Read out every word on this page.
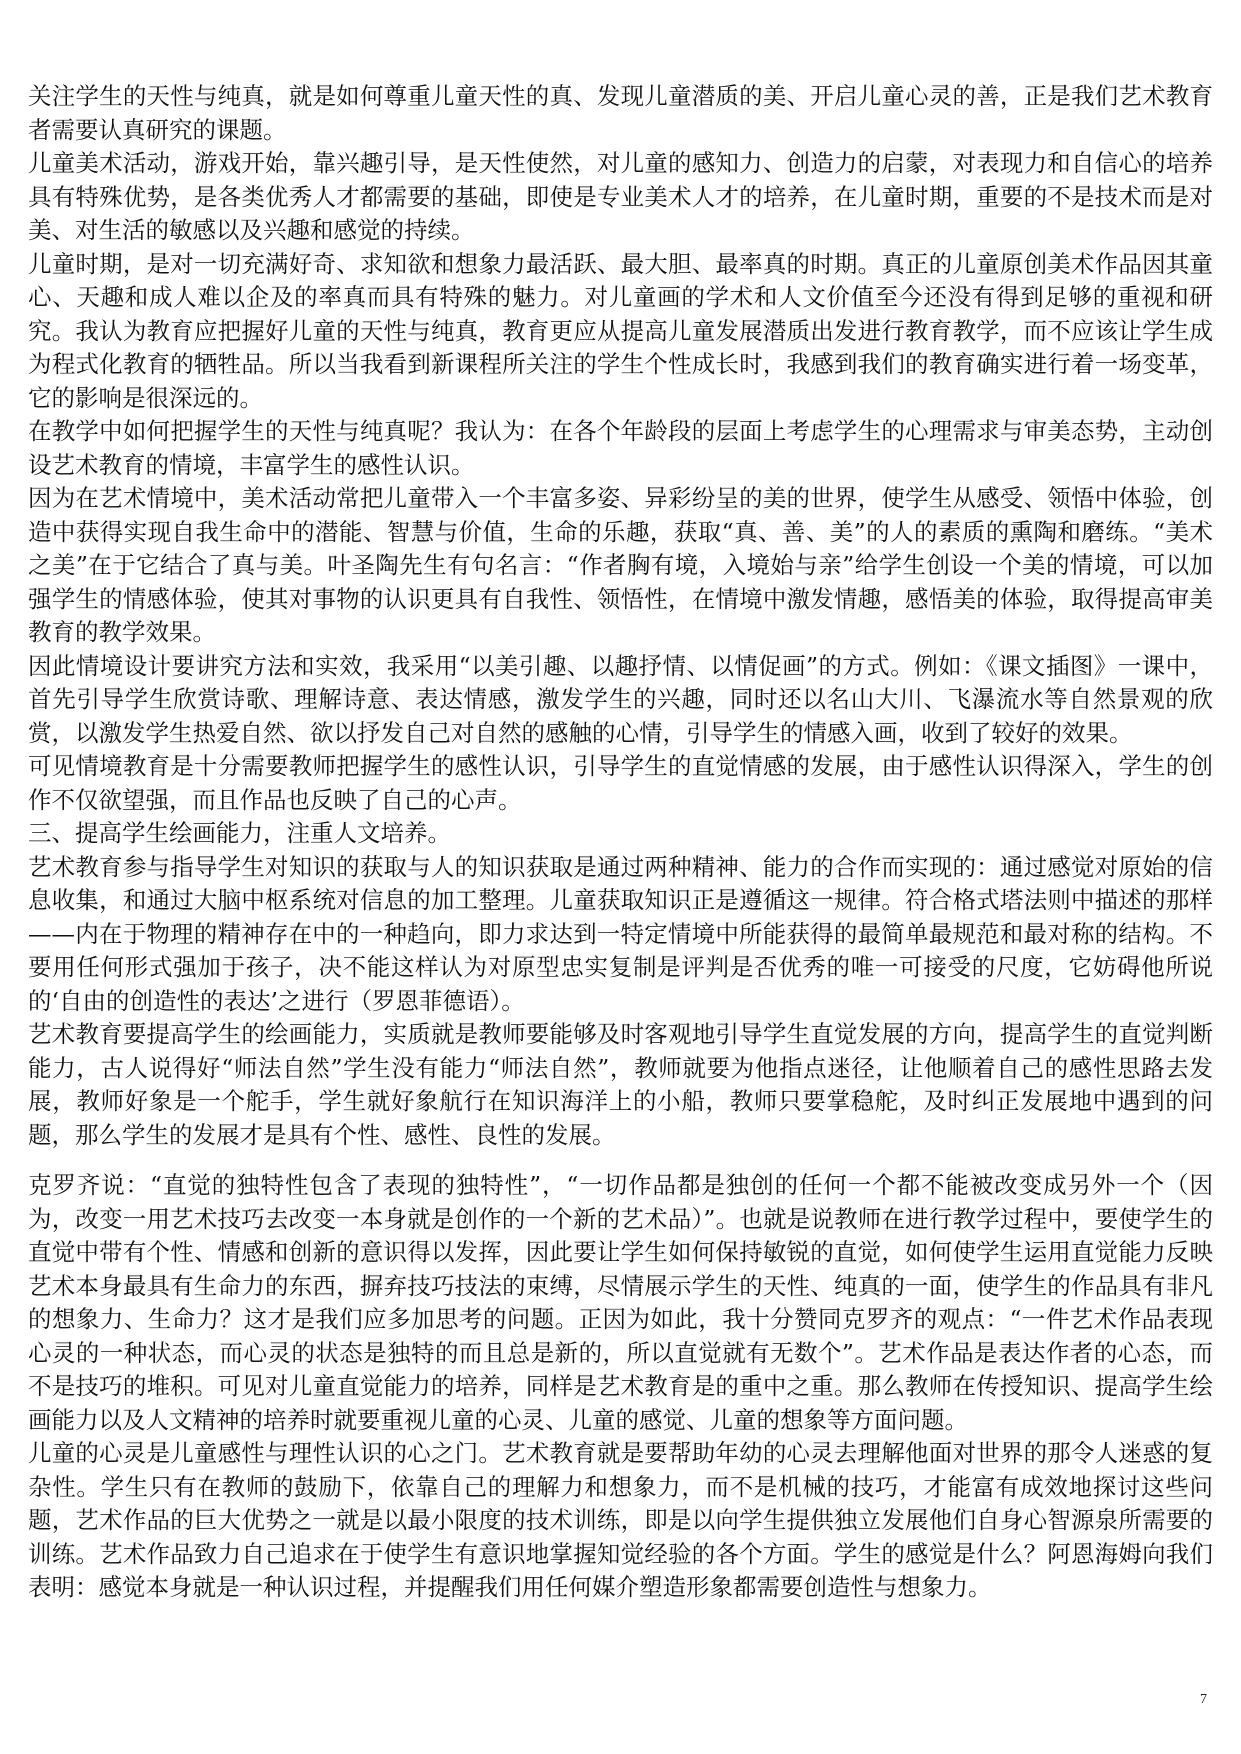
关注学生的天性与纯真，就是如何尊重儿童天性的真、发现儿童潜质的美、开启儿童心灵的善，正是我们艺术教育者需要认真研究的课题。

儿童美术活动，游戏开始，靠兴趣引导，是天性使然，对儿童的感知力、创造力的启蒙，对表现力和自信心的培养具有特殊优势，是各类优秀人才都需要的基础，即使是专业美术人才的培养，在儿童时期，重要的不是技术而是对美、对生活的敏感以及兴趣和感觉的持续。

儿童时期，是对一切充满好奇、求知欲和想象力最活跃、最大胆、最率真的时期。真正的儿童原创美术作品因其童心、天趣和成人难以企及的率真而具有特殊的魅力。对儿童画的学术和人文价值至今还没有得到足够的重视和研究。我认为教育应把握好儿童的天性与纯真，教育更应从提高儿童发展潜质出发进行教育教学，而不应该让学生成为程式化教育的牺牲品。所以当我看到新课程所关注的学生个性成长时，我感到我们的教育确实进行着一场变革，它的影响是很深远的。

在教学中如何把握学生的天性与纯真呢？我认为：在各个年龄段的层面上考虑学生的心理需求与审美态势，主动创设艺术教育的情境，丰富学生的感性认识。

因为在艺术情境中，美术活动常把儿童带入一个丰富多姿、异彩纷呈的美的世界，使学生从感受、领悟中体验，创造中获得实现自我生命中的潜能、智慧与价值，生命的乐趣，获取“真、善、美”的人的素质的熏陶和磨练。“美术之美”在于它结合了真与美。叶圣陶先生有句名言：“作者胸有境，入境始与亲”给学生创设一个美的情境，可以加强学生的情感体验，使其对事物的认识更具有自我性、领悟性，在情境中激发情趣，感悟美的体验，取得提高审美教育的教学效果。

因此情境设计要讲究方法和实效，我采用“以美引趣、以趣抒情、以情促画”的方式。例如：《课文插图》一课中，首先引导学生欣赏诗歌、理解诗意、表达情感，激发学生的兴趣，同时还以名山大川、飞瀑流水等自然景观的欣赏，以激发学生热爱自然、欲以抒发自己对自然的感触的心情，引导学生的情感入画，收到了较好的效果。

可见情境教育是十分需要教师把握学生的感性认识，引导学生的直觉情感的发展，由于感性认识得深入，学生的创作不仅欲望强，而且作品也反映了自己的心声。

三、提高学生绘画能力，注重人文培养。

艺术教育参与指导学生对知识的获取与人的知识获取是通过两种精神、能力的合作而实现的：通过感觉对原始的信息收集，和通过大脑中枢系统对信息的加工整理。儿童获取知识正是遵循这一规律。符合格式塔法则中描述的那样——内在于物理的精神存在中的一种趋向，即力求达到一特定情境中所能获得的最简单最规范和最对称的结构。不要用任何形式强加于孩子，决不能这样认为对原型忠实复制是评判是否优秀的唯一可接受的尺度，它妨碍他所说的‘自由的创造性的表达’之进行（罗恩菲德语）。

艺术教育要提高学生的绘画能力，实质就是教师要能够及时客观地引导学生直觉发展的方向，提高学生的直觉判断能力，古人说得好“师法自然”学生没有能力“师法自然”，教师就要为他指点迷径，让他顺着自己的感性思路去发展，教师好象是一个舵手，学生就好象航行在知识海洋上的小船，教师只要掌稳舵，及时纠正发展地中遇到的问题，那么学生的发展才是具有个性、感性、良性的发展。

克罗齐说：“直觉的独特性包含了表现的独特性”，“一切作品都是独创的任何一个都不能被改变成另外一个（因为，改变一用艺术技巧去改变一本身就是创作的一个新的艺术品）”。也就是说教师在进行教学过程中，要使学生的直觉中带有个性、情感和创新的意识得以发挥，因此要让学生如何保持敏锐的直觉，如何使学生运用直觉能力反映艺术本身最具有生命力的东西，摒弃技巧技法的束缚，尽情展示学生的天性、纯真的一面，使学生的作品具有非凡的想象力、生命力？这才是我们应多加思考的问题。正因为如此，我十分赞同克罗齐的观点：“一件艺术作品表现心灵的一种状态，而心灵的状态是独特的而且总是新的，所以直觉就有无数个”。艺术作品是表达作者的心态，而不是技巧的堆积。可见对儿童直觉能力的培养，同样是艺术教育是的重中之重。那么教师在传授知识、提高学生绘画能力以及人文精神的培养时就要重视儿童的心灵、儿童的感觉、儿童的想象等方面问题。

儿童的心灵是儿童感性与理性认识的心之门。艺术教育就是要帮助年幼的心灵去理解他面对世界的那令人迷惑的复杂性。学生只有在教师的鼓励下，依靠自己的理解力和想象力，而不是机械的技巧，才能富有成效地探讨这些问题，艺术作品的巨大优势之一就是以最小限度的技术训练，即是以向学生提供独立发展他们自身心智源泉所需要的训练。艺术作品致力自己追求在于使学生有意识地掌握知觉经验的各个方面。学生的感觉是什么？阿恩海姆向我们表明：感觉本身就是一种认识过程，并提醒我们用任何媒介塑造形象都需要创造性与想象力。

7
